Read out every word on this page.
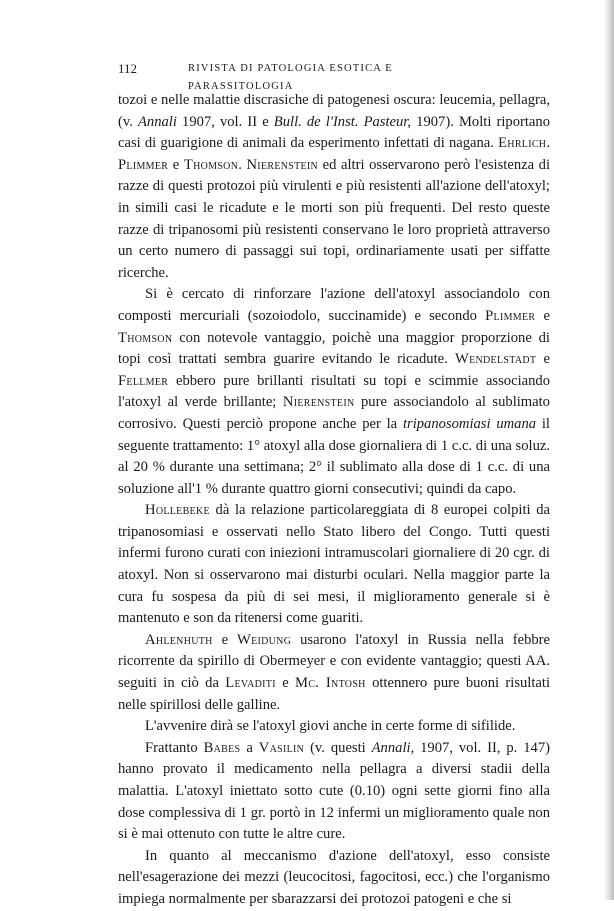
112	RIVISTA DI PATOLOGIA ESOTICA E PARASSITOLOGIA

tozoi e nelle malattie discrasiche di patogenesi oscura: leucemia, pellagra, (v. Annali 1907, vol. II e Bull. de l'Inst. Pasteur, 1907). Molti riportano casi di guarigione di animali da esperimento infettati di nagana. Ehrlich. Plimmer e Thomson. Nierenstein ed altri osservarono però l'esistenza di razze di questi protozoi più virulenti e più resistenti all'azione dell'atoxyl; in simili casi le ricadute e le morti son più frequenti. Del resto queste razze di tripanosomi più resistenti conservano le loro proprietà attraverso un certo numero di passaggi sui topi, ordinariamente usati per siffatte ricerche.

Si è cercato di rinforzare l'azione dell'atoxyl associandolo con composti mercuriali (sozoiodolo, succinamide) e secondo Plimmer e Thomson con notevole vantaggio, poichè una maggior proporzione di topi così trattati sembra guarire evitando le ricadute. Wendelstadt e Fellmer ebbero pure brillanti risultati su topi e scimmie associando l'atoxyl al verde brillante; Nierenstein pure associandolo al sublimato corrosivo. Questi perciò propone anche per la tripanosomiasi umana il seguente trattamento: 1° atoxyl alla dose giornaliera di 1 c.c. di una soluz. al 20 % durante una settimana; 2° il sublimato alla dose di 1 c.c. di una soluzione all'1 % durante quattro giorni consecutivi; quindi da capo.

Hollebeke dà la relazione particolareggiata di 8 europei colpiti da tripanosomiasi e osservati nello Stato libero del Congo. Tutti questi infermi furono curati con iniezioni intramuscolari giornaliere di 20 cgr. di atoxyl. Non si osservarono mai disturbi oculari. Nella maggior parte la cura fu sospesa da più di sei mesi, il miglioramento generale si è mantenuto e son da ritenersi come guariti.

Ahlenhuth e Weidung usarono l'atoxyl in Russia nella febbre ricorrente da spirillo di Obermeyer e con evidente vantaggio; questi AA. seguiti in ciò da Levaditi e Mc. Intosh ottennero pure buoni risultati nelle spirillosi delle galline.

L'avvenire dirà se l'atoxyl giovi anche in certe forme di sifilide.

Frattanto Babes a Vasilin (v. questi Annali, 1907, vol. II, p. 147) hanno provato il medicamento nella pellagra a diversi stadii della malattia. L'atoxyl iniettato sotto cute (0.10) ogni sette giorni fino alla dose complessiva di 1 gr. portò in 12 infermi un miglioramento quale non si è mai ottenuto con tutte le altre cure.

In quanto al meccanismo d'azione dell'atoxyl, esso consiste nell'esagerazione dei mezzi (leucocitosi, fagocitosi, ecc.) che l'organismo impiega normalmente per sbarazzarsi dei protozoi patogeni e che si
